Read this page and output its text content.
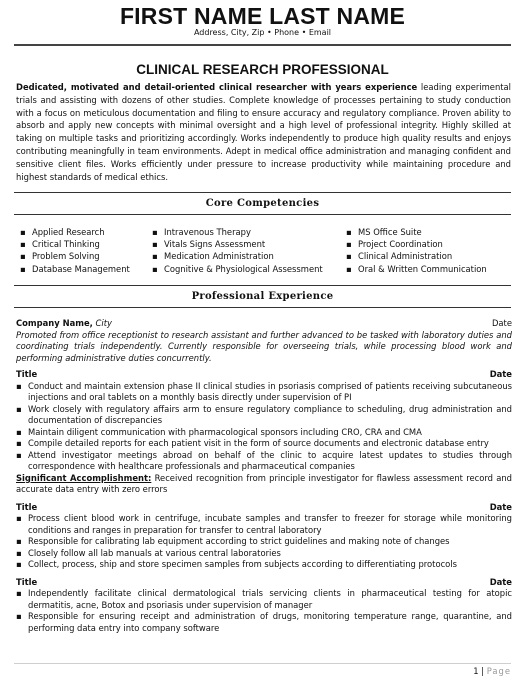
FIRST NAME LAST NAME
Address, City, Zip • Phone • Email
CLINICAL RESEARCH PROFESSIONAL
Dedicated, motivated and detail-oriented clinical researcher with years experience leading experimental trials and assisting with dozens of other studies. Complete knowledge of processes pertaining to study conduction with a focus on meticulous documentation and filing to ensure accuracy and regulatory compliance. Proven ability to absorb and apply new concepts with minimal oversight and a high level of professional integrity. Highly skilled at taking on multiple tasks and prioritizing accordingly. Works independently to produce high quality results and enjoys contributing meaningfully in team environments. Adept in medical office administration and managing confident and sensitive client files. Works efficiently under pressure to increase productivity while maintaining procedure and highest standards of medical ethics.
Core Competencies
▪ Applied Research
▪ Critical Thinking
▪ Problem Solving
▪ Database Management
▪ Intravenous Therapy
▪ Vitals Signs Assessment
▪ Medication Administration
▪ Cognitive & Physiological Assessment
▪ MS Office Suite
▪ Project Coordination
▪ Clinical Administration
▪ Oral & Written Communication
Professional Experience
Company Name, City	Date
Promoted from office receptionist to research assistant and further advanced to be tasked with laboratory duties and coordinating trials independently. Currently responsible for overseeing trials, while processing blood work and performing administrative duties concurrently.
Title	Date
▪ Conduct and maintain extension phase II clinical studies in psoriasis comprised of patients receiving subcutaneous injections and oral tablets on a monthly basis directly under supervision of PI
▪ Work closely with regulatory affairs arm to ensure regulatory compliance to scheduling, drug administration and documentation of discrepancies
▪ Maintain diligent communication with pharmacological sponsors including CRO, CRA and CMA
▪ Compile detailed reports for each patient visit in the form of source documents and electronic database entry
▪ Attend investigator meetings abroad on behalf of the clinic to acquire latest updates to studies through correspondence with healthcare professionals and pharmaceutical companies
Significant Accomplishment: Received recognition from principle investigator for flawless assessment record and accurate data entry with zero errors
Title	Date
▪ Process client blood work in centrifuge, incubate samples and transfer to freezer for storage while monitoring conditions and ranges in preparation for transfer to central laboratory
▪ Responsible for calibrating lab equipment according to strict guidelines and making note of changes
▪ Closely follow all lab manuals at various central laboratories
▪ Collect, process, ship and store specimen samples from subjects according to differentiating protocols
Title	Date
▪ Independently facilitate clinical dermatological trials servicing clients in pharmaceutical testing for atopic dermatitis, acne, Botox and psoriasis under supervision of manager
▪ Responsible for ensuring receipt and administration of drugs, monitoring temperature range, quarantine, and performing data entry into company software
1 | Page
